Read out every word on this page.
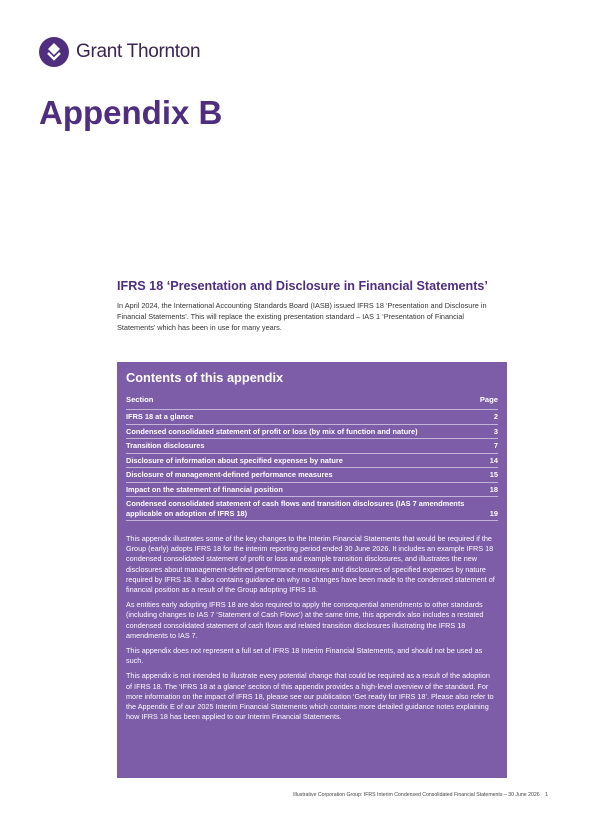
Grant Thornton
Appendix B
IFRS 18 ‘Presentation and Disclosure in Financial Statements’
In April 2024, the International Accounting Standards Board (IASB) issued IFRS 18 ‘Presentation and Disclosure in Financial Statements’. This will replace the existing presentation standard – IAS 1 ‘Presentation of Financial Statements’ which has been in use for many years.
Contents of this appendix
Section	Page
IFRS 18 at a glance	2
Condensed consolidated statement of profit or loss (by mix of function and nature)	3
Transition disclosures	7
Disclosure of information about specified expenses by nature	14
Disclosure of management-defined performance measures	15
Impact on the statement of financial position	18
Condensed consolidated statement of cash flows and transition disclosures (IAS 7 amendments applicable on adoption of IFRS 18)	19

This appendix illustrates some of the key changes to the Interim Financial Statements that would be required if the Group (early) adopts IFRS 18 for the interim reporting period ended 30 June 2026. It includes an example IFRS 18 condensed consolidated statement of profit or loss and example transition disclosures, and illustrates the new disclosures about management-defined performance measures and disclosures of specified expenses by nature required by IFRS 18. It also contains guidance on why no changes have been made to the condensed statement of financial position as a result of the Group adopting IFRS 18.

As entities early adopting IFRS 18 are also required to apply the consequential amendments to other standards (including changes to IAS 7 ‘Statement of Cash Flows’) at the same time, this appendix also includes a restated condensed consolidated statement of cash flows and related transition disclosures illustrating the IFRS 18 amendments to IAS 7.

This appendix does not represent a full set of IFRS 18 Interim Financial Statements, and should not be used as such.

This appendix is not intended to illustrate every potential change that could be required as a result of the adoption of IFRS 18. The ‘IFRS 18 at a glance’ section of this appendix provides a high-level overview of the standard. For more information on the impact of IFRS 18, please see our publication ‘Get ready for IFRS 18’. Please also refer to the Appendix E of our 2025 Interim Financial Statements which contains more detailed guidance notes explaining how IFRS 18 has been applied to our Interim Financial Statements.

Illustrative Corporation Group: IFRS Interim Condensed Consolidated Financial Statements – 30 June 2026 1
